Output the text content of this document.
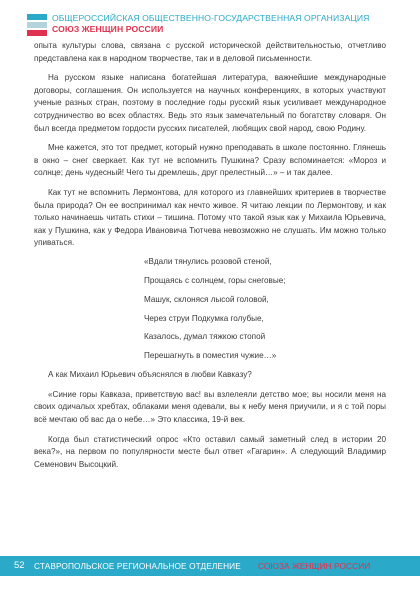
ОБЩЕРОССИЙСКАЯ ОБЩЕСТВЕННО-ГОСУДАРСТВЕННАЯ ОРГАНИЗАЦИЯ
СОЮЗ ЖЕНЩИН РОССИИ

опыта культуры слова, связана с русской исторической действительностью, отчетливо представлена как в народном творчестве, так и в деловой письменности.

На русском языке написана богатейшая литература, важнейшие международные договоры, соглашения. Он используется на научных конференциях, в которых участвуют ученые разных стран, поэтому в последние годы русский язык усиливает международное сотрудничество во всех областях. Ведь это язык замечательный по богатству словаря. Он был всегда предметом гордости русских писателей, любящих свой народ, свою Родину.

Мне кажется, это тот предмет, который нужно преподавать в школе постоянно. Глянешь в окно – снег сверкает. Как тут не вспомнить Пушкина? Сразу вспоминается: «Мороз и солнце; день чудесный! Чего ты дремлешь, друг прелестный…» – и так далее.

Как тут не вспомнить Лермонтова, для которого из главнейших критериев в творчестве была природа? Он ее воспринимал как нечто живое. Я читаю лекции по Лермонтову, и как только начинаешь читать стихи – тишина. Потому что такой язык как у Михаила Юрьевича, как у Пушкина, как у Федора Ивановича Тютчева невозможно не слушать. Им можно только упиваться.

«Вдали тянулись розовой стеной,
Прощаясь с солнцем, горы снеговые;
Машук, склоняся лысой головой,
Через струи Подкумка голубые,
Казалось, думал тяжкою стопой
Перешагнуть в поместия чужие…»

А как Михаил Юрьевич объяснялся в любви Кавказу?

«Синие горы Кавказа, приветствую вас! вы взлелеяли детство мое; вы носили меня на своих одичалых хребтах, облаками меня одевали, вы к небу меня приучили, и я с той поры всё мечтаю об вас да о небе…» Это классика, 19-й век.

Когда был статистический опрос «Кто оставил самый заметный след в истории 20 века?», на первом по популярности месте был ответ «Гагарин». А следующий Владимир Семенович Высоцкий.

52 СТАВРОПОЛЬСКОЕ РЕГИОНАЛЬНОЕ ОТДЕЛЕНИЕ СОЮЗА ЖЕНЩИН РОССИИ
